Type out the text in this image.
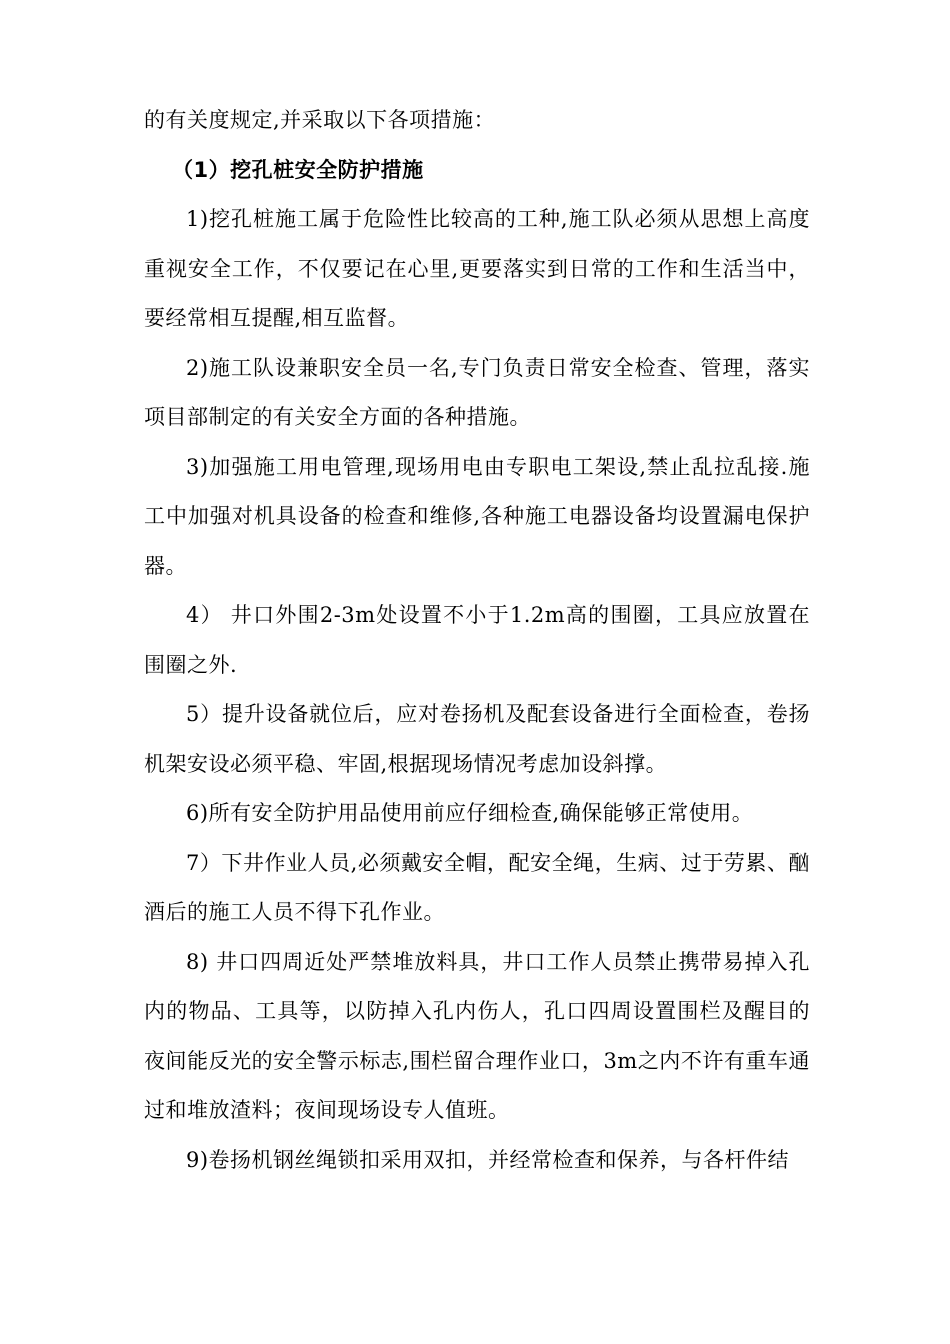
的有关度规定,并采取以下各项措施：

（1）挖孔桩安全防护措施

1)挖孔桩施工属于危险性比较高的工种,施工队必须从思想上高度重视安全工作，不仅要记在心里,更要落实到日常的工作和生活当中，要经常相互提醒,相互监督。

2)施工队设兼职安全员一名,专门负责日常安全检查、管理，落实项目部制定的有关安全方面的各种措施。

3)加强施工用电管理,现场用电由专职电工架设,禁止乱拉乱接.施工中加强对机具设备的检查和维修,各种施工电器设备均设置漏电保护器。

4） 井口外围2-3m处设置不小于1.2m高的围圈，工具应放置在围圈之外.

5）提升设备就位后，应对卷扬机及配套设备进行全面检查，卷扬机架安设必须平稳、牢固,根据现场情况考虑加设斜撑。

6)所有安全防护用品使用前应仔细检查,确保能够正常使用。

7）下井作业人员,必须戴安全帽，配安全绳，生病、过于劳累、酗酒后的施工人员不得下孔作业。

8) 井口四周近处严禁堆放料具，井口工作人员禁止携带易掉入孔内的物品、工具等，以防掉入孔内伤人，孔口四周设置围栏及醒目的夜间能反光的安全警示标志,围栏留合理作业口，3m之内不许有重车通过和堆放渣料；夜间现场设专人值班。

9)卷扬机钢丝绳锁扣采用双扣，并经常检查和保养，与各杆件结
